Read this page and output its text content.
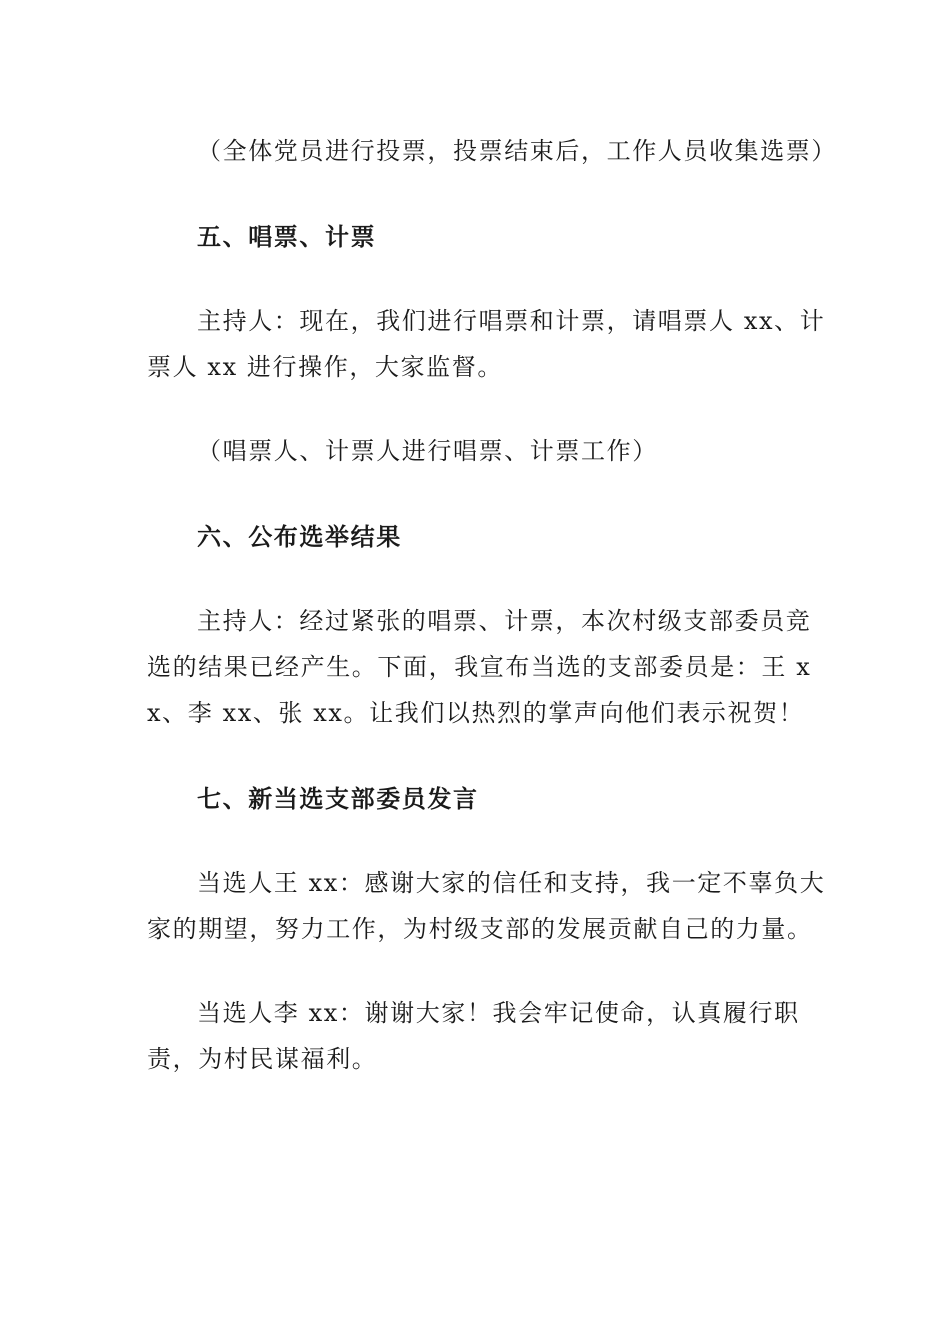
（全体党员进行投票，投票结束后，工作人员收集选票）

五、唱票、计票

主持人：现在，我们进行唱票和计票，请唱票人 xx、计票人 xx 进行操作，大家监督。

（唱票人、计票人进行唱票、计票工作）

六、公布选举结果

主持人：经过紧张的唱票、计票，本次村级支部委员竞选的结果已经产生。下面，我宣布当选的支部委员是：王 xx、李 xx、张 xx。让我们以热烈的掌声向他们表示祝贺！

七、新当选支部委员发言

当选人王 xx：感谢大家的信任和支持，我一定不辜负大家的期望，努力工作，为村级支部的发展贡献自己的力量。

当选人李 xx：谢谢大家！我会牢记使命，认真履行职责，为村民谋福利。
